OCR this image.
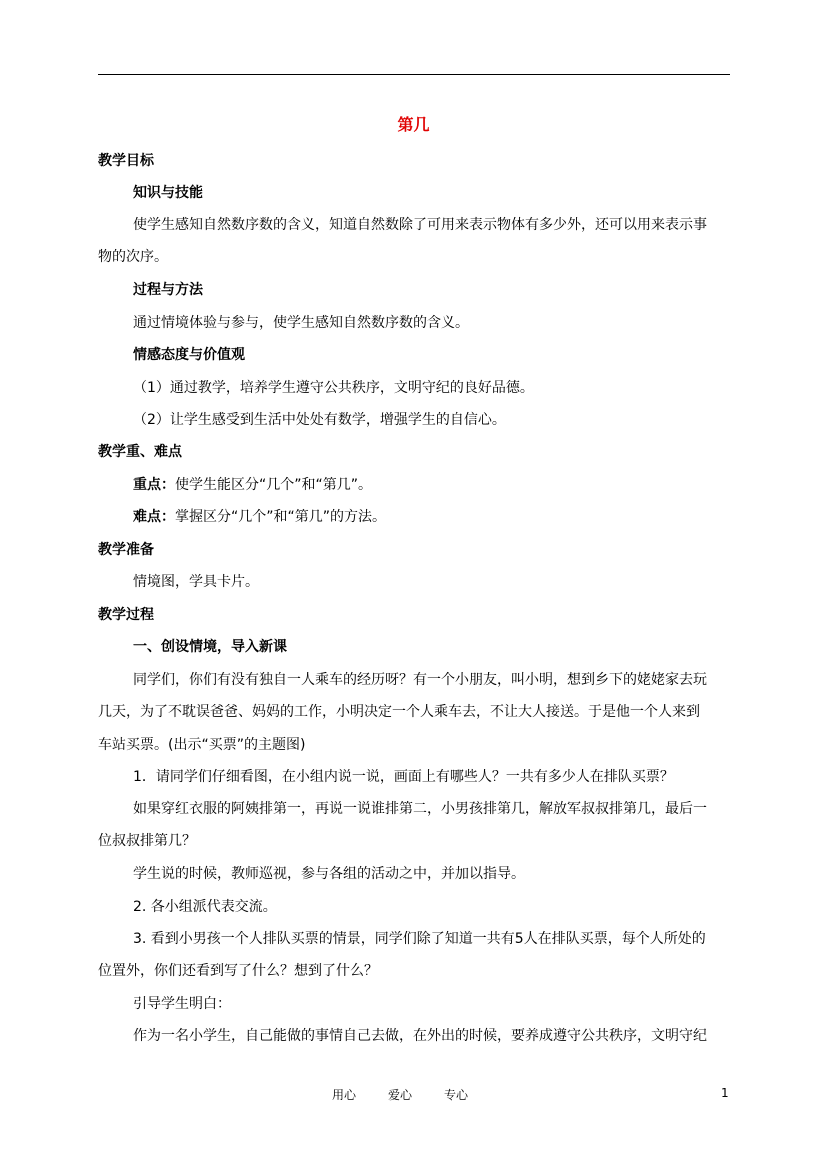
第几
教学目标
知识与技能
使学生感知自然数序数的含义，知道自然数除了可用来表示物体有多少外，还可以用来表示事
物的次序。
过程与方法
通过情境体验与参与，使学生感知自然数序数的含义。
情感态度与价值观
（1）通过教学，培养学生遵守公共秩序，文明守纪的良好品德。
（2）让学生感受到生活中处处有数学，增强学生的自信心。
教学重、难点
重点：使学生能区分“几个”和“第几”。
难点：掌握区分“几个”和“第几”的方法。
教学准备
情境图，学具卡片。
教学过程
一、创设情境，导入新课
同学们，你们有没有独自一人乘车的经历呀？有一个小朋友，叫小明，想到乡下的姥姥家去玩
几天，为了不耽误爸爸、妈妈的工作，小明决定一个人乘车去，不让大人接送。于是他一个人来到
车站买票。(出示“买票”的主题图)
1．请同学们仔细看图，在小组内说一说，画面上有哪些人？一共有多少人在排队买票？
如果穿红衣服的阿姨排第一，再说一说谁排第二，小男孩排第几，解放军叔叔排第几，最后一
位叔叔排第几？
学生说的时候，教师巡视，参与各组的活动之中，并加以指导。
2. 各小组派代表交流。
3. 看到小男孩一个人排队买票的情景，同学们除了知道一共有5人在排队买票，每个人所处的
位置外，你们还看到写了什么？想到了什么？
引导学生明白：
作为一名小学生，自己能做的事情自己去做，在外出的时候，要养成遵守公共秩序，文明守纪
用心	爱心	专心	1
